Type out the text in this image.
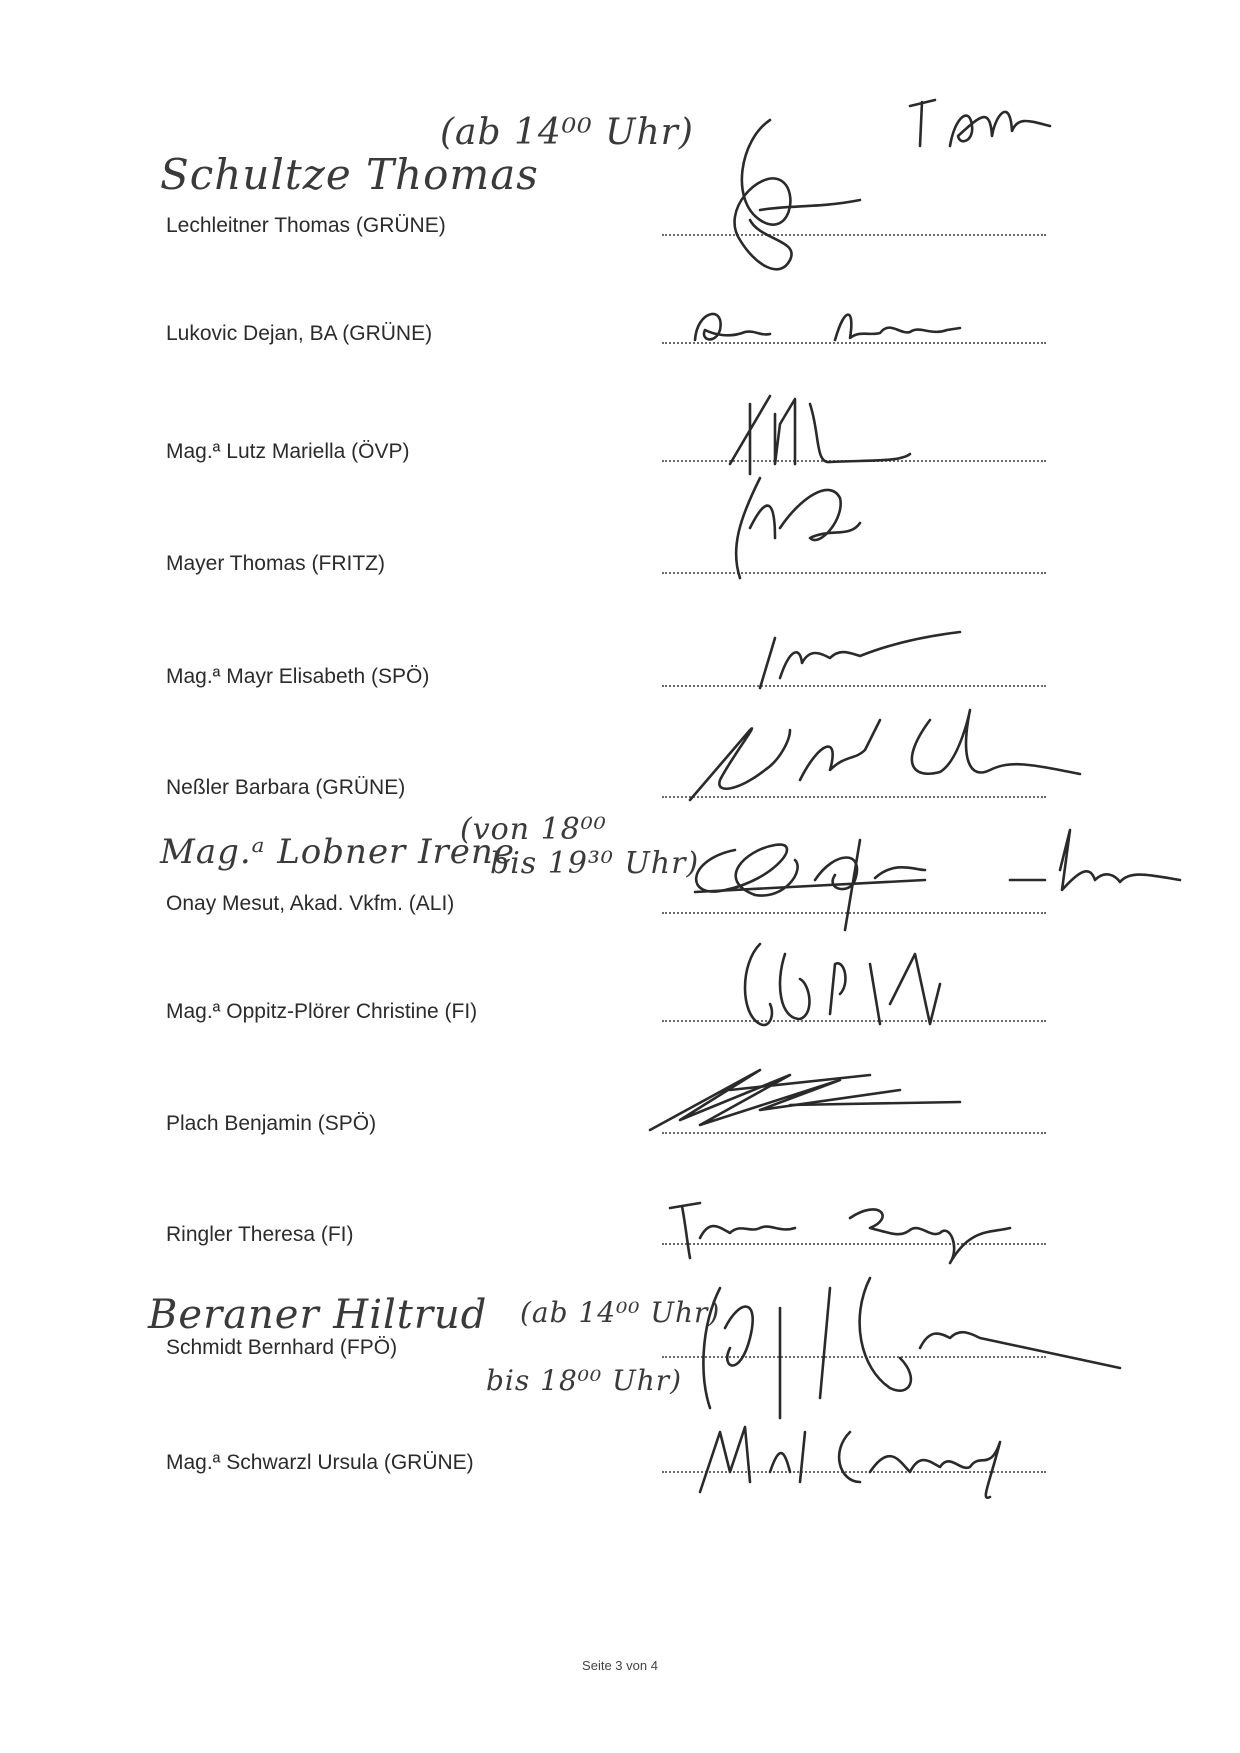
Schultze Thomas
(ab 14⁰⁰ Uhr)
Mag.ᵃ Lobner Irene
(von 18⁰⁰
bis 19³⁰ Uhr)
Beraner Hiltrud (ab 14⁰⁰ Uhr)
bis 18⁰⁰ Uhr)
Lechleitner Thomas (GRÜNE)
Lukovic Dejan, BA (GRÜNE)
Mag.ª Lutz Mariella (ÖVP)
Mayer Thomas (FRITZ)
Mag.ª Mayr Elisabeth (SPÖ)
Neßler Barbara (GRÜNE)
Onay Mesut, Akad. Vkfm. (ALI)
Mag.ª Oppitz-Plörer Christine (FI)
Plach Benjamin (SPÖ)
Ringler Theresa (FI)
Schmidt Bernhard (FPÖ)
Mag.ª Schwarzl Ursula (GRÜNE)
Seite 3 von 4
